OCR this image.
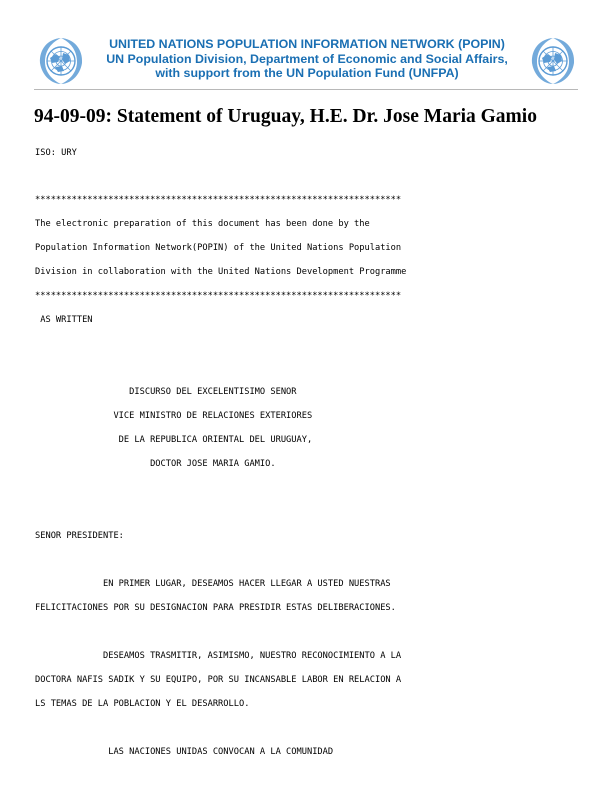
UNITED NATIONS POPULATION INFORMATION NETWORK (POPIN)
UN Population Division, Department of Economic and Social Affairs,
with support from the UN Population Fund (UNFPA)
94-09-09: Statement of Uruguay, H.E. Dr. Jose Maria Gamio
ISO: URY
**********************************************************************
The electronic preparation of this document has been done by the
Population Information Network(POPIN) of the United Nations Population
Division in collaboration with the United Nations Development Programme
**********************************************************************
AS WRITTEN
DISCURSO DEL EXCELENTISIMO SENOR
VICE MINISTRO DE RELACIONES EXTERIORES
DE LA REPUBLICA ORIENTAL DEL URUGUAY,
DOCTOR JOSE MARIA GAMIO.
SENOR PRESIDENTE:
EN PRIMER LUGAR, DESEAMOS HACER LLEGAR A USTED NUESTRAS
FELICITACIONES POR SU DESIGNACION PARA PRESIDIR ESTAS DELIBERACIONES.
DESEAMOS TRASMITIR, ASIMISMO, NUESTRO RECONOCIMIENTO A LA
DOCTORA NAFIS SADIK Y SU EQUIPO, POR SU INCANSABLE LABOR EN RELACION A
LS TEMAS DE LA POBLACION Y EL DESARROLLO.
LAS NACIONES UNIDAS CONVOCAN A LA COMUNIDAD
